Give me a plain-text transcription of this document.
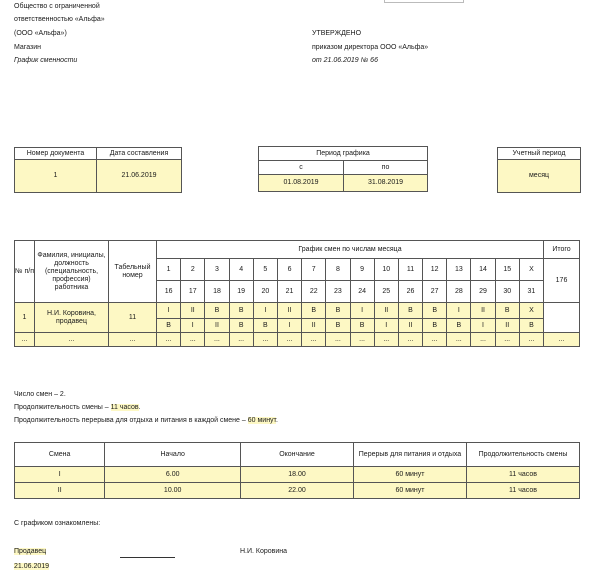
Общество с ограниченной
ответственностью «Альфа»
(ООО «Альфа»)
Магазин
График сменности
УТВЕРЖДЕНО
приказом директора ООО «Альфа»
от 21.06.2019 № 66
Номер документа	Дата составления
1	21.06.2019
Период графика	
с	по
01.08.2019	31.08.2019
Учетный период
месяц
№ п/п	Фамилия, инициалы, должность (специальность, профессия) работника	Табельный номер	График смен по числам месяца																Итого
			1	2	3	4	5	6	7	8	9	10	11	12	13	14	15	X	176
			16	17	18	19	20	21	22	23	24	25	26	27	28	29	30	31	
1	Н.И. Коровина, продавец	11	I	II	В	В	I	II	В	В	I	II	В	В	I	II	В	X	
			В	I	II	В	В	I	II	В	В	I	II	В	В	I	II	В	
...	...	...	...	...	...	...	...	...	...	...	...	...	...	...	...	...	...	...	...
Число смен – 2.
Продолжительность смены – 11 часов.
Продолжительность перерыва для отдыха и питания в каждой смене – 60 минут.
Смена	Начало	Окончание	Перерыв для питания и отдыха	Продолжительность смены
I	6.00	18.00	60 минут	11 часов
II	10.00	22.00	60 минут	11 часов
С графиком ознакомлены:
Продавец	Н.И. Коровина
21.06.2019
